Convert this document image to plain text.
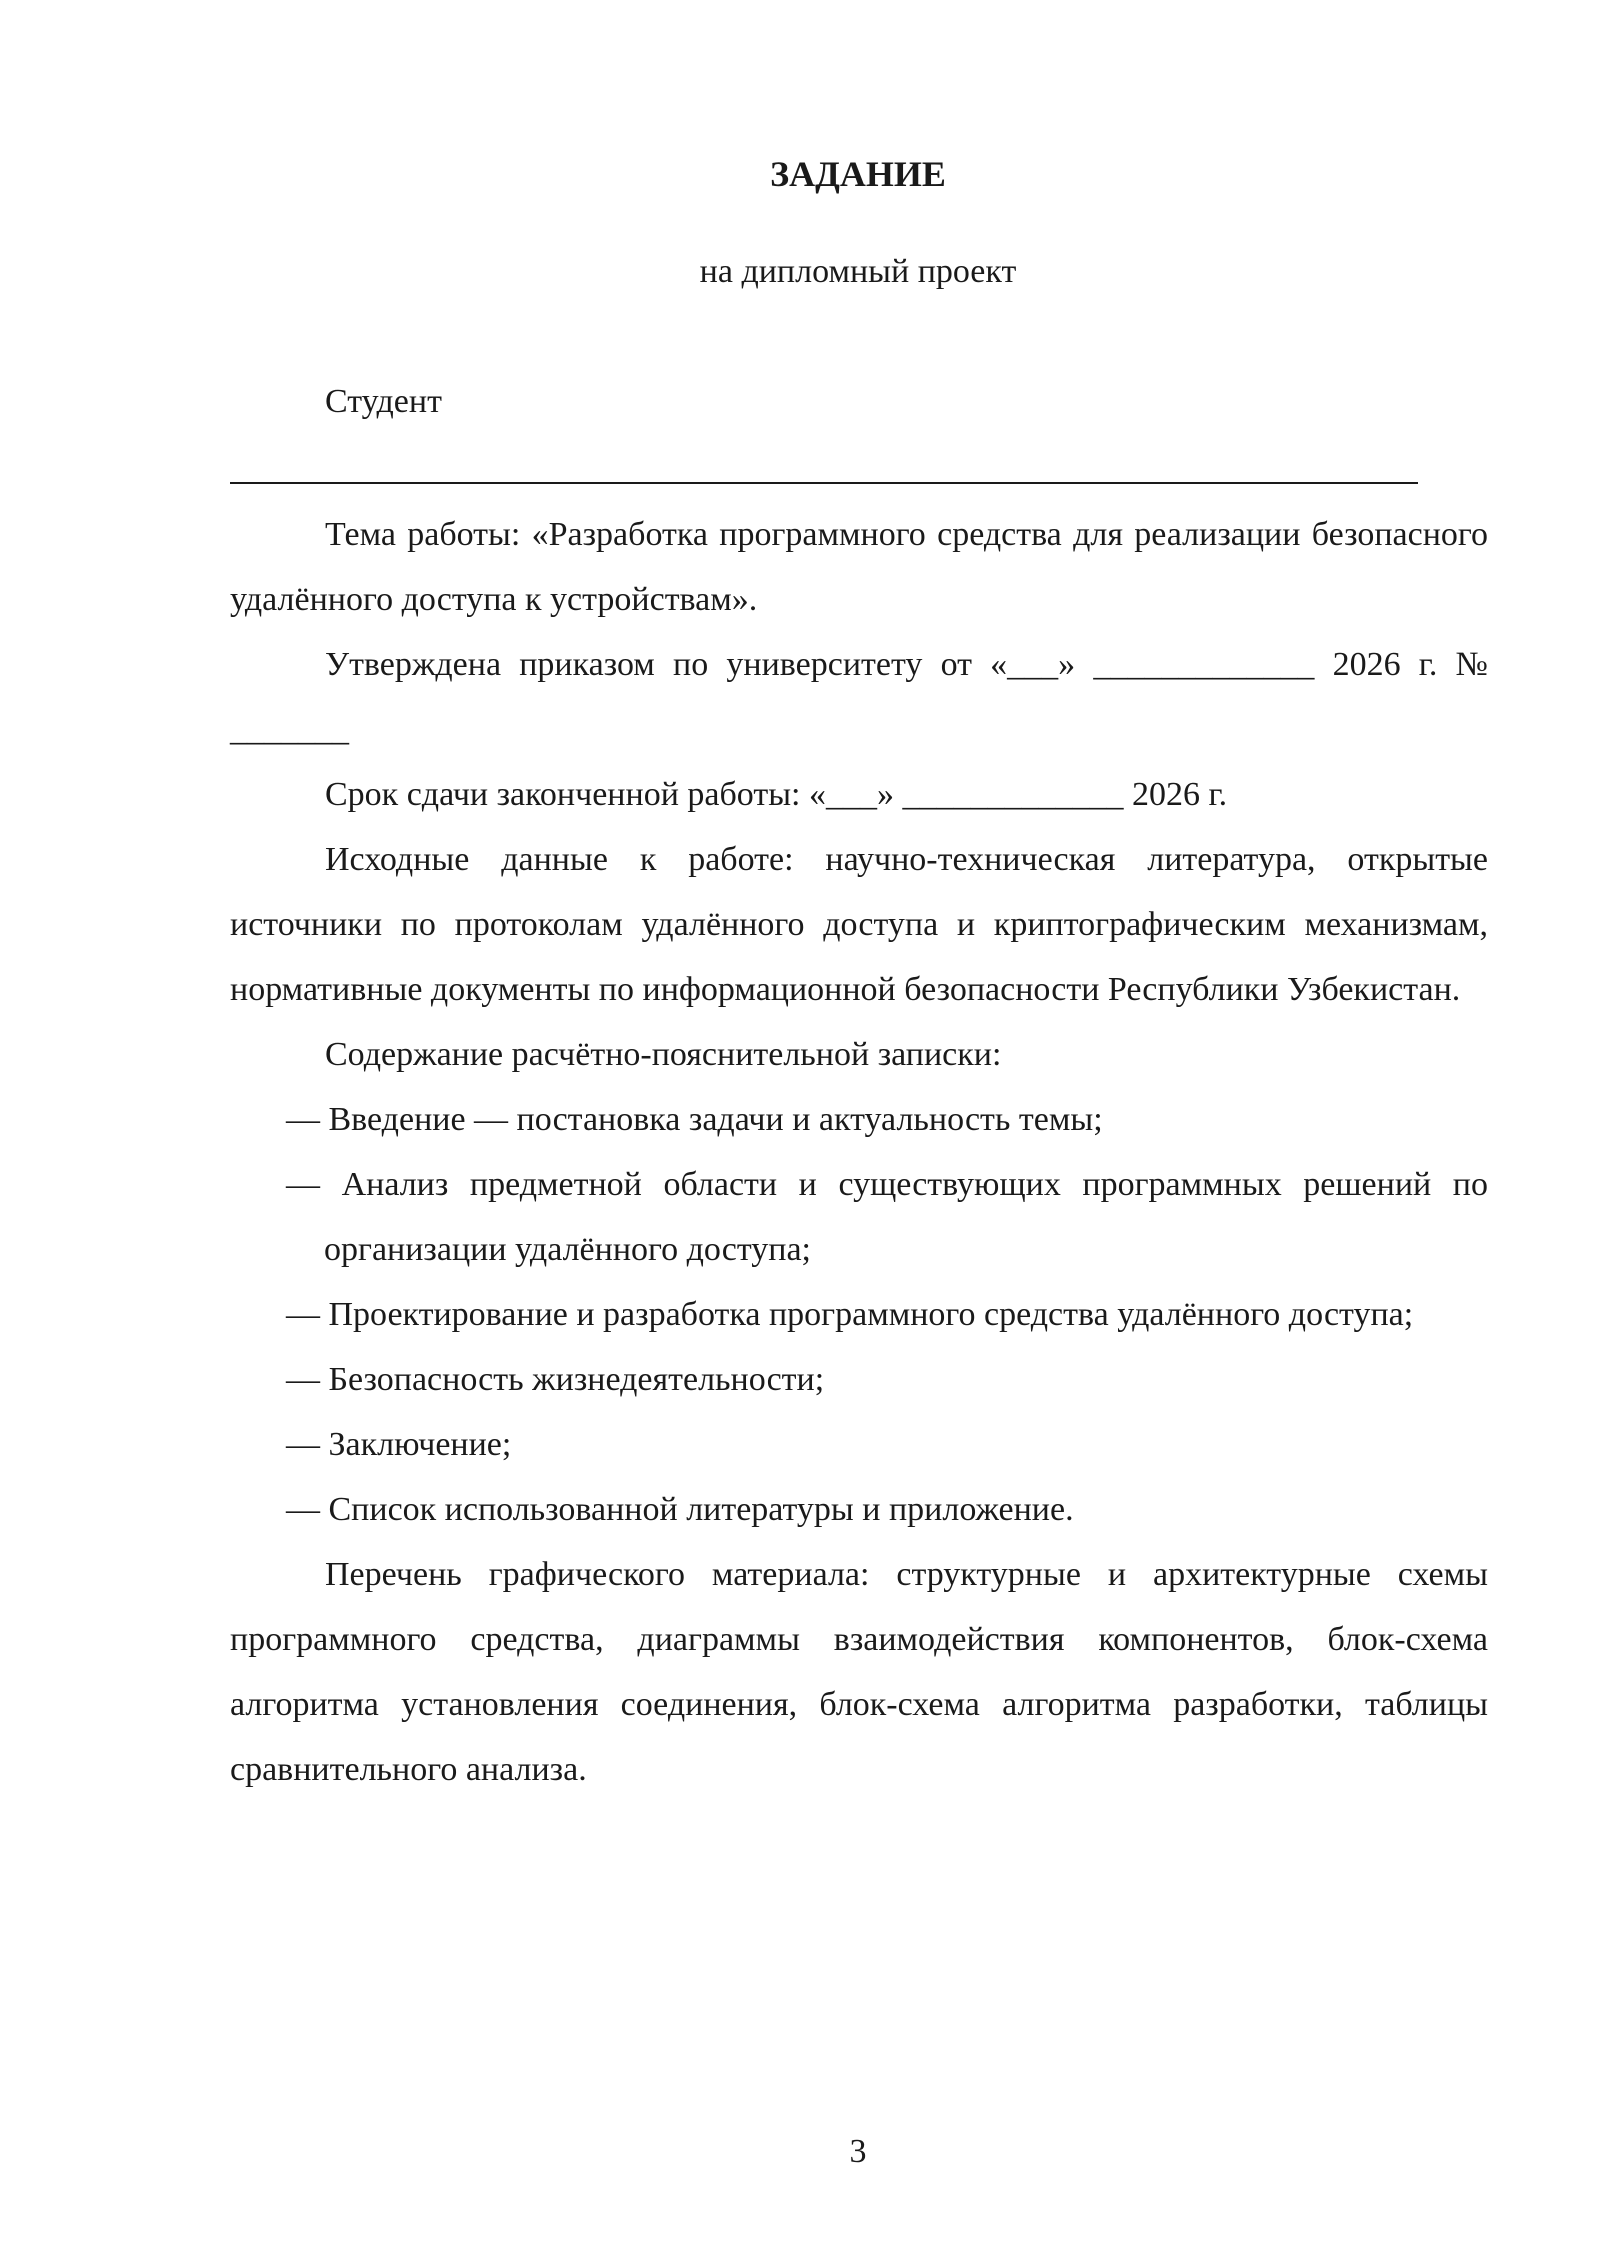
ЗАДАНИЕ

на дипломный проект

Студент

Тема работы: «Разработка программного средства для реализации безопасного удалённого доступа к устройствам».

Утверждена приказом по университету от «___» _____________ 2026 г. № _______

Срок сдачи законченной работы: «___» _____________ 2026 г.

Исходные данные к работе: научно-техническая литература, открытые источники по протоколам удалённого доступа и криптографическим механизмам, нормативные документы по информационной безопасности Республики Узбекистан.

Содержание расчётно-пояснительной записки:

— Введение — постановка задачи и актуальность темы;
— Анализ предметной области и существующих программных решений по организации удалённого доступа;
— Проектирование и разработка программного средства удалённого доступа;
— Безопасность жизнедеятельности;
— Заключение;
— Список использованной литературы и приложение.

Перечень графического материала: структурные и архитектурные схемы программного средства, диаграммы взаимодействия компонентов, блок-схема алгоритма установления соединения, блок-схема алгоритма разработки, таблицы сравнительного анализа.

3
